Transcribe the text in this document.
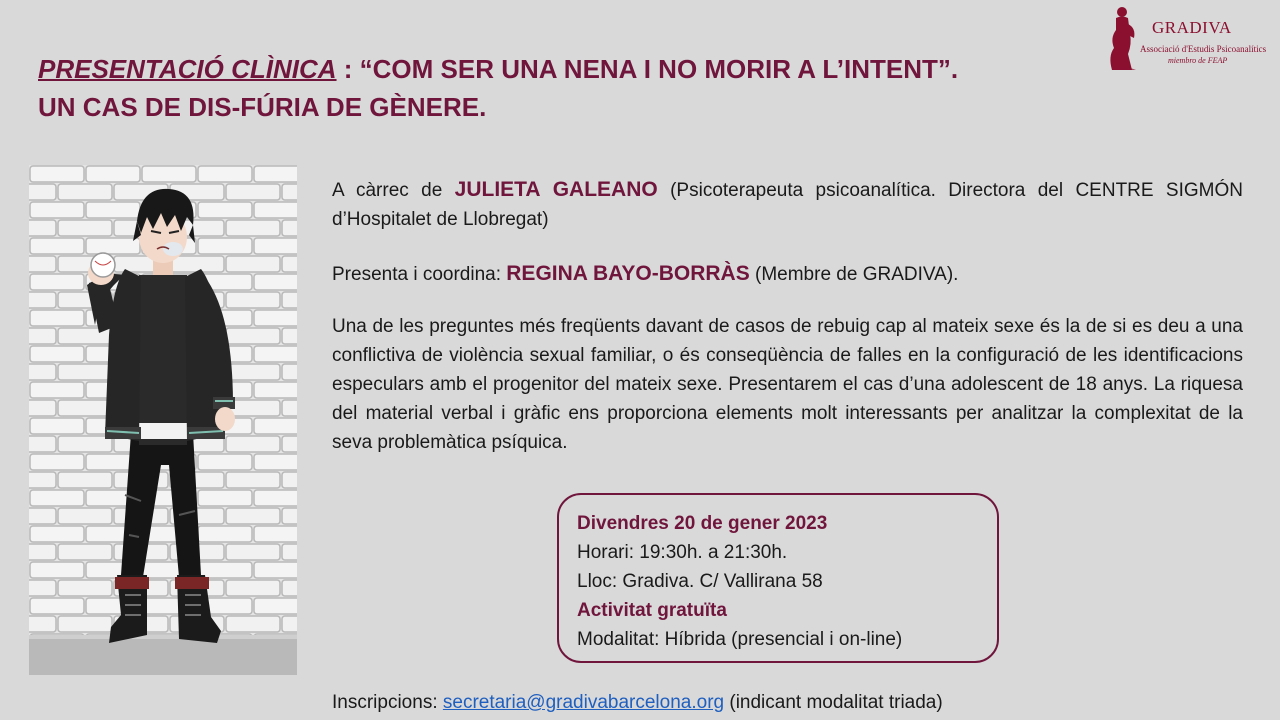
PRESENTACIÓ CLÌNICA : “COM SER UNA NENA I NO MORIR A L’INTENT”.
UN CAS DE DIS-FÚRIA DE GÈNERE.
GRADIVA
Associació d'Estudis Psicoanalítics
miembro de FEAP
A càrrec de JULIETA GALEANO (Psicoterapeuta psicoanalítica. Directora del CENTRE SIGMÓN d’Hospitalet de Llobregat)
Presenta i coordina: REGINA BAYO-BORRÀS (Membre de GRADIVA).
Una de les preguntes més freqüents davant de casos de rebuig cap al mateix sexe és la de si es deu a una conflictiva de violència sexual familiar, o és conseqüència de falles en la configuració de les identificacions especulars amb el progenitor del mateix sexe. Presentarem el cas d’una adolescent de 18 anys. La riquesa del material verbal i gràfic ens proporciona elements molt interessants per analitzar la complexitat de la seva problemàtica psíquica.
Divendres 20 de gener 2023
Horari: 19:30h. a 21:30h.
Lloc: Gradiva. C/ Vallirana 58
Activitat gratuïta
Modalitat: Híbrida (presencial i on-line)
Inscripcions: secretaria@gradivabarcelona.org (indicant modalitat triada)
